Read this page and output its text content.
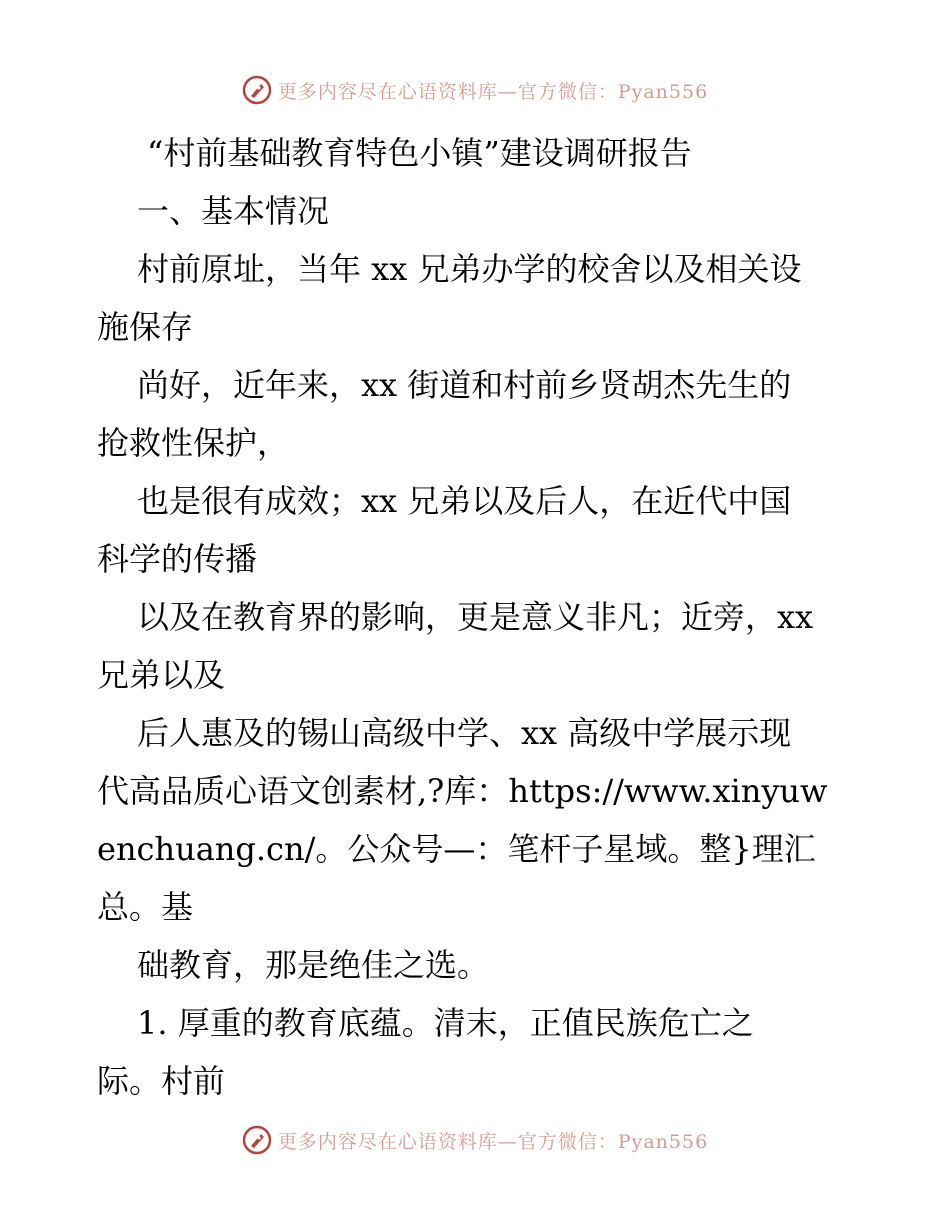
更多内容尽在心语资料库—官方微信：Pyan556
“村前基础教育特色小镇”建设调研报告
一、基本情况
村前原址，当年 xx 兄弟办学的校舍以及相关设
施保存
尚好，近年来，xx 街道和村前乡贤胡杰先生的
抢救性保护，
也是很有成效；xx 兄弟以及后人，在近代中国
科学的传播
以及在教育界的影响，更是意义非凡；近旁，xx
兄弟以及
后人惠及的锡山高级中学、xx 高级中学展示现
代高品质心语文创素材,?库：https://www.xinyuw
enchuang.cn/。公众号—：笔杆子星域。整}理汇
总。基
础教育，那是绝佳之选。
1. 厚重的教育底蕴。清末，正值民族危亡之
际。村前
更多内容尽在心语资料库—官方微信：Pyan556
